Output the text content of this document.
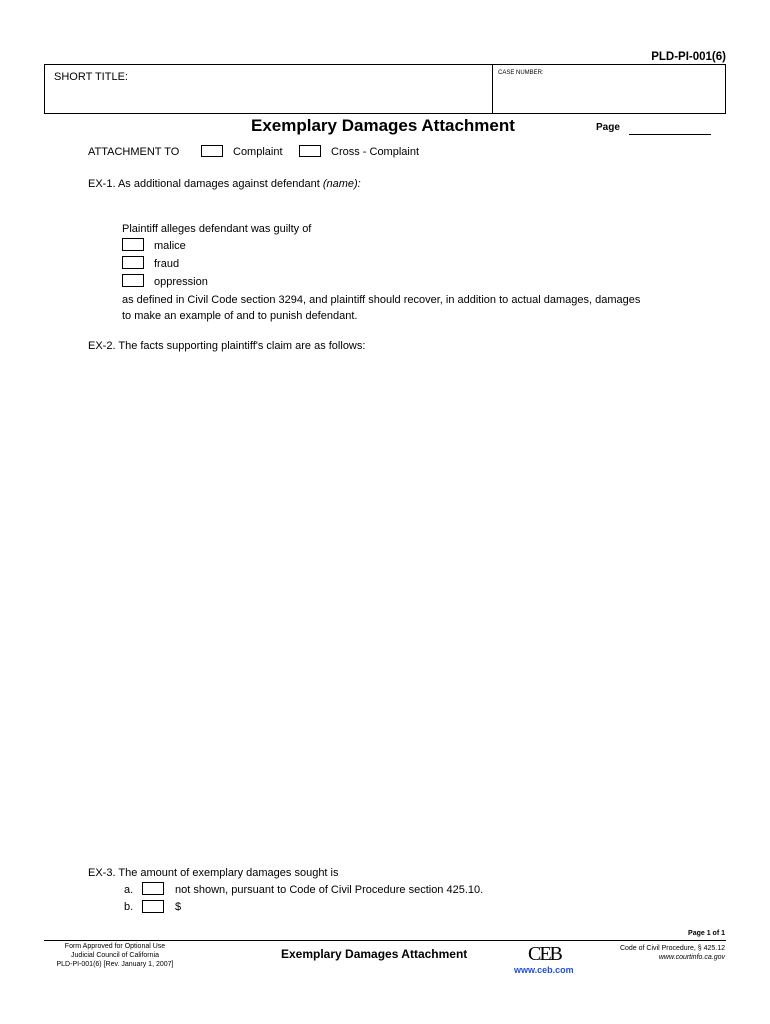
PLD-PI-001(6)
SHORT TITLE:	CASE NUMBER:
Exemplary Damages Attachment	Page
ATTACHMENT TO	Complaint	Cross - Complaint
EX-1. As additional damages against defendant (name):
Plaintiff alleges defendant was guilty of
malice
fraud
oppression
as defined in Civil Code section 3294, and plaintiff should recover, in addition to actual damages, damages
to make an example of and to punish defendant.
EX-2. The facts supporting plaintiff's claim are as follows:
EX-3. The amount of exemplary damages sought is
a.	not shown, pursuant to Code of Civil Procedure section 425.10.
b.	$
Page 1 of 1
Form Approved for Optional Use
Judicial Council of California
PLD-PI-001(6) [Rev. January 1, 2007]
Exemplary Damages Attachment	CEB
www.ceb.com
Code of Civil Procedure, § 425.12
www.courtinfo.ca.gov
